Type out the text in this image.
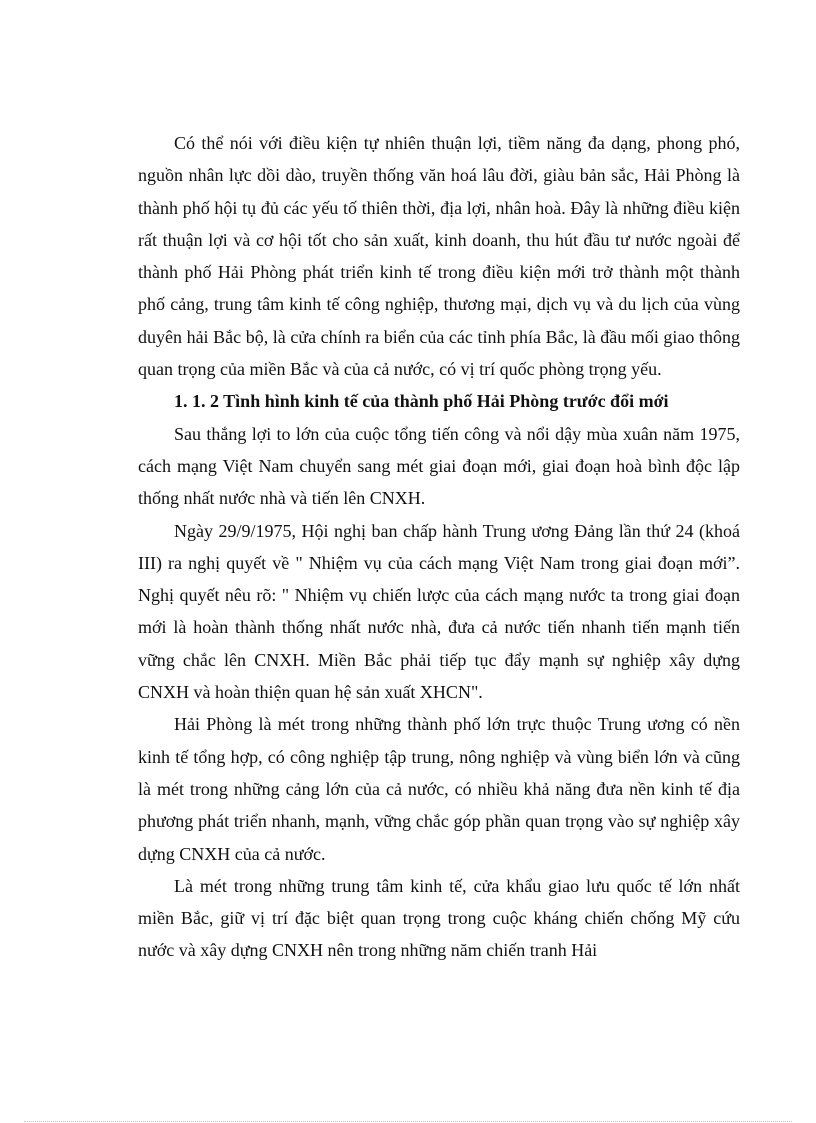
Có thể nói với điều kiện tự nhiên thuận lợi, tiềm năng đa dạng, phong phó, nguồn nhân lực dồi dào, truyền thống văn hoá lâu đời, giàu bản sắc, Hải Phòng là thành phố hội tụ đủ các yếu tố thiên thời, địa lợi, nhân hoà. Đây là những điều kiện rất thuận lợi và cơ hội tốt cho sản xuất, kinh doanh, thu hút đầu tư nước ngoài để thành phố Hải Phòng phát triển kinh tế trong điều kiện mới trở thành một thành phố cảng, trung tâm kinh tế công nghiệp, thương mại, dịch vụ và du lịch của vùng duyên hải Bắc bộ, là cửa chính ra biển của các tỉnh phía Bắc, là đầu mối giao thông quan trọng của miền Bắc và của cả nước, có vị trí quốc phòng trọng yếu.

1. 1. 2 Tình hình kinh tế của thành phố Hải Phòng trước đổi mới

Sau thắng lợi to lớn của cuộc tổng tiến công và nổi dậy mùa xuân năm 1975, cách mạng Việt Nam chuyển sang mét giai đoạn mới, giai đoạn hoà bình độc lập thống nhất nước nhà và tiến lên CNXH.

Ngày 29/9/1975, Hội nghị ban chấp hành Trung ương Đảng lần thứ 24 (khoá III) ra nghị quyết về " Nhiệm vụ của cách mạng Việt Nam trong giai đoạn mới”. Nghị quyết nêu rõ: " Nhiệm vụ chiến lược của cách mạng nước ta trong giai đoạn mới là hoàn thành thống nhất nước nhà, đưa cả nước tiến nhanh tiến mạnh tiến vững chắc lên CNXH. Miền Bắc phải tiếp tục đẩy mạnh sự nghiệp xây dựng CNXH và hoàn thiện quan hệ sản xuất XHCN".

Hải Phòng là mét trong những thành phố lớn trực thuộc Trung ương có nền kinh tế tổng hợp, có công nghiệp tập trung, nông nghiệp và vùng biển lớn và cũng là mét trong những cảng lớn của cả nước, có nhiều khả năng đưa nền kinh tế địa phương phát triển nhanh, mạnh, vững chắc góp phần quan trọng vào sự nghiệp xây dựng CNXH của cả nước.

Là mét trong những trung tâm kinh tế, cửa khẩu giao lưu quốc tế lớn nhất miền Bắc, giữ vị trí đặc biệt quan trọng trong cuộc kháng chiến chống Mỹ cứu nước và xây dựng CNXH nên trong những năm chiến tranh Hải
